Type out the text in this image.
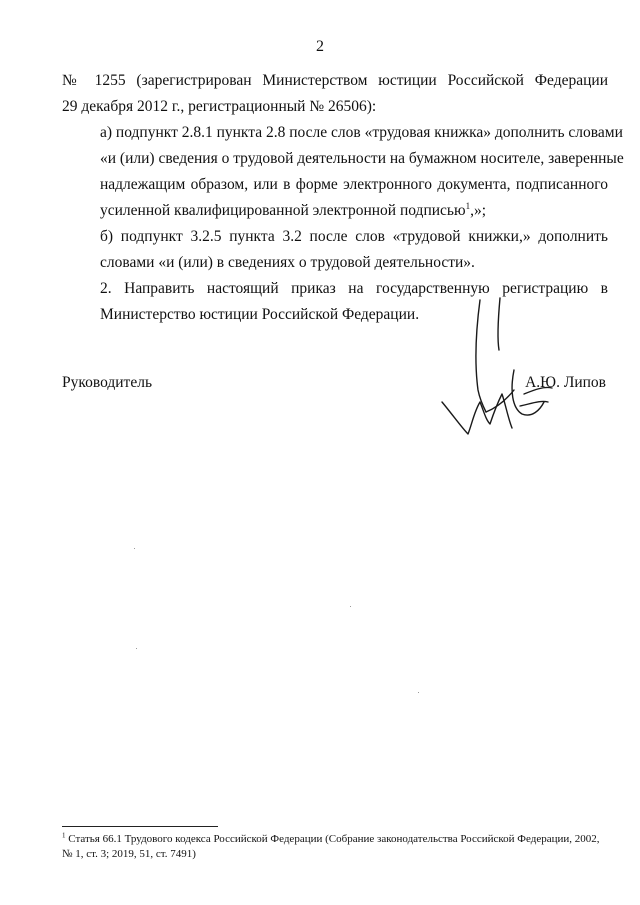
2

№ 1255 (зарегистрирован Министерством юстиции Российской Федерации
29 декабря 2012 г., регистрационный № 26506):

а) подпункт 2.8.1 пункта 2.8 после слов «трудовая книжка» дополнить словами
«и (или) сведения о трудовой деятельности на бумажном носителе, заверенные
надлежащим образом, или в форме электронного документа, подписанного
усиленной квалифицированной электронной подписью$^1$,»;

б) подпункт 3.2.5 пункта 3.2 после слов «трудовой книжки,» дополнить
словами «и (или) в сведениях о трудовой деятельности».

2. Направить настоящий приказ на государственную регистрацию в
Министерство юстиции Российской Федерации.

Руководитель	А.Ю. Липов
$^1$ Статья 66.1 Трудового кодекса Российской Федерации (Собрание законодательства Российской Федерации, 2002,
№ 1, ст. 3; 2019, 51, ст. 7491)
